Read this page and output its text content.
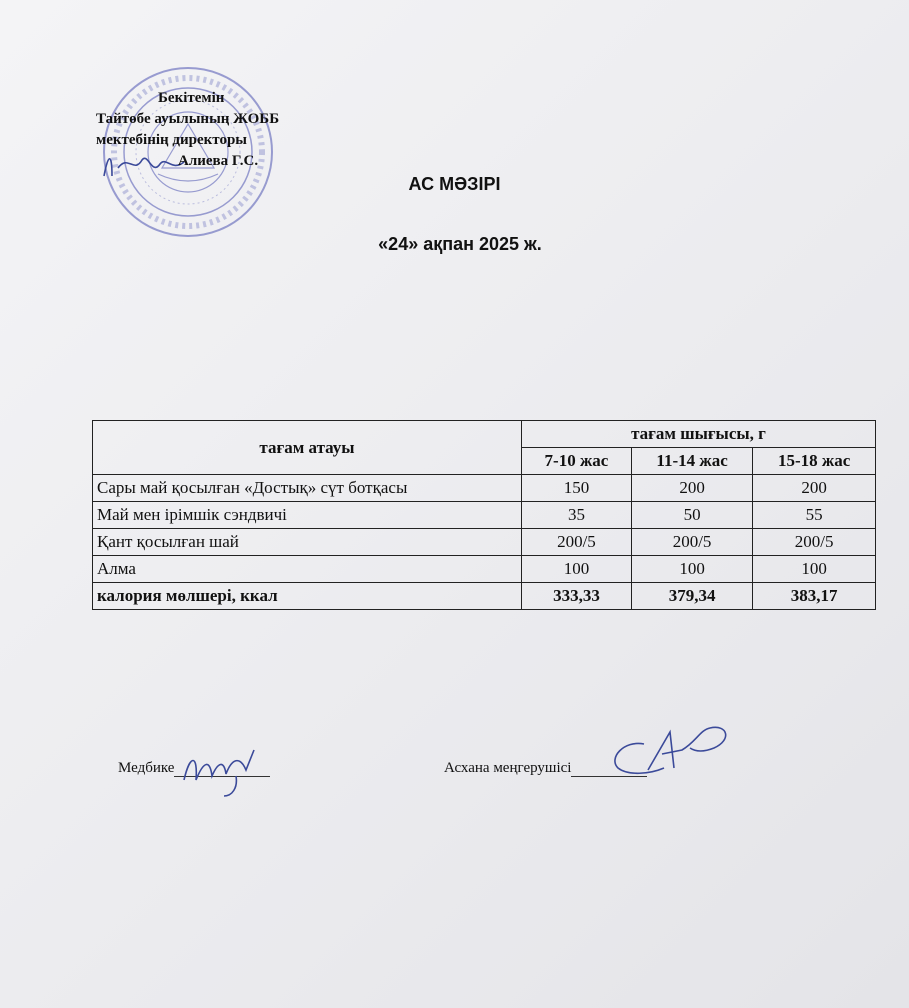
Бекітемін
Тайтөбе ауылының ЖОББ
мектебінің директоры
Алиева Г.С.
АС МӘЗІРІ
«24» ақпан 2025 ж.
тағам атауы	тағам шығысы, г		
	7-10 жас	11-14 жас	15-18 жас
Сары май қосылған «Достық» сүт ботқасы	150	200	200
Май мен ірімшік сэндвичі	35	50	55
Қант қосылған шай	200/5	200/5	200/5
Алма	100	100	100
калория мөлшері, ккал	333,33	379,34	383,17
Медбике	Асхана меңгерушісі
